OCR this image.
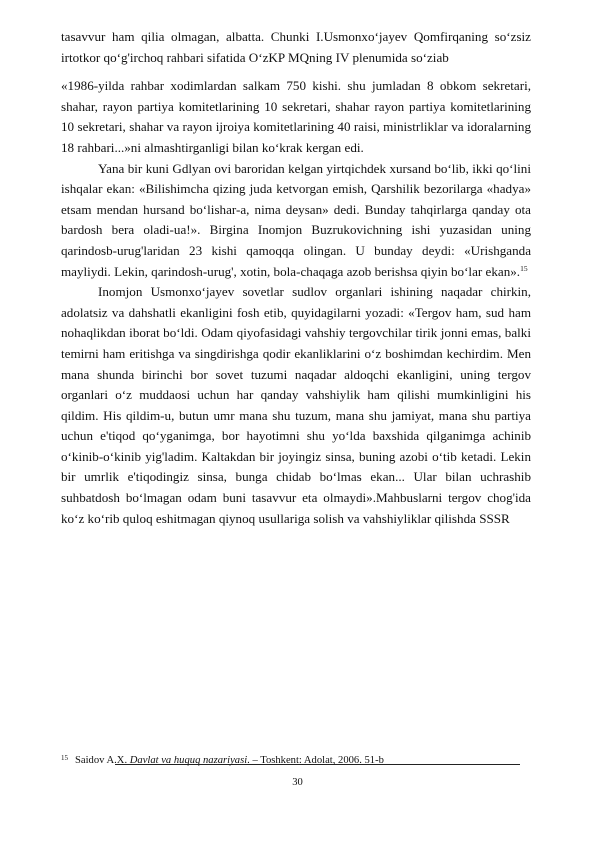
tasavvur ham qilia olmagan, albatta. Chunki I.Usmonxo‘jayev Qomfirqaning so‘zsiz irtotkor qo‘g'irchoq rahbari sifatida O‘zKP MQning IV plenumida so‘ziab

«1986-yilda rahbar xodimlardan salkam 750 kishi. shu jumladan 8 obkom sekretari, shahar, rayon partiya komitetlarining 10 sekretari, shahar rayon partiya komitetlarining 10 sekretari, shahar va rayon ijroiya komitetlarining 40 raisi, ministrliklar va idoralarning 18 rahbari...»ni almashtirganligi bilan ko‘krak kergan edi.

Yana bir kuni Gdlyan ovi baroridan kelgan yirtqichdek xursand bo‘lib, ikki qo‘lini ishqalar ekan: «Bilishimcha qizing juda ketvorgan emish, Qarshilik bezorilarga «hadya» etsam mendan hursand bo‘lishar-a, nima deysan» dedi. Bunday tahqirlarga qanday ota bardosh bera oladi-ua!». Birgina Inomjon Buzrukovichning ishi yuzasidan uning qarindosb-urug'laridan 23 kishi qamoqqa olingan. U bunday deydi: «Urishganda mayliydi. Lekin, qarindosh-urug', xotin, bola-chaqaga azob berishsa qiyin bo‘lar ekan».$^{15}$

Inomjon Usmonxo‘jayev sovetlar sudlov organlari ishining naqadar chirkin, adolatsiz va dahshatli ekanligini fosh etib, quyidagilarni yozadi: «Tergov ham, sud ham nohaqlikdan iborat bo‘ldi. Odam qiyofasidagi vahshiy tergovchilar tirik jonni emas, balki temirni ham eritishga va singdirishga qodir ekanliklarini o‘z boshimdan kechirdim. Men mana shunda birinchi bor sovet tuzumi naqadar aldoqchi ekanligini, uning tergov organlari o‘z muddaosi uchun har qanday vahshiylik ham qilishi mumkinligini his qildim. His qildim-u, butun umr mana shu tuzum, mana shu jamiyat, mana shu partiya uchun e'tiqod qo‘yganimga, bor hayotimni shu yo‘lda baxshida qilganimga achinib o‘kinib-o‘kinib yig'ladim. Kaltakdan bir joyingiz sinsa, buning azobi o‘tib ketadi. Lekin bir umrlik e'tiqodingiz sinsa, bunga chidab bo‘lmas ekan... Ular bilan uchrashib suhbatdosh bo‘lmagan odam buni tasavvur eta olmaydi».Mahbuslarni tergov chog'ida ko‘z ko‘rib quloq eshitmagan qiynoq usullariga solish va vahshiyliklar qilishda SSSR

$^{15}$ Saidov A.X. Davlat va huquq nazariyasi. – Toshkent: Adolat, 2006. 51-b
30
